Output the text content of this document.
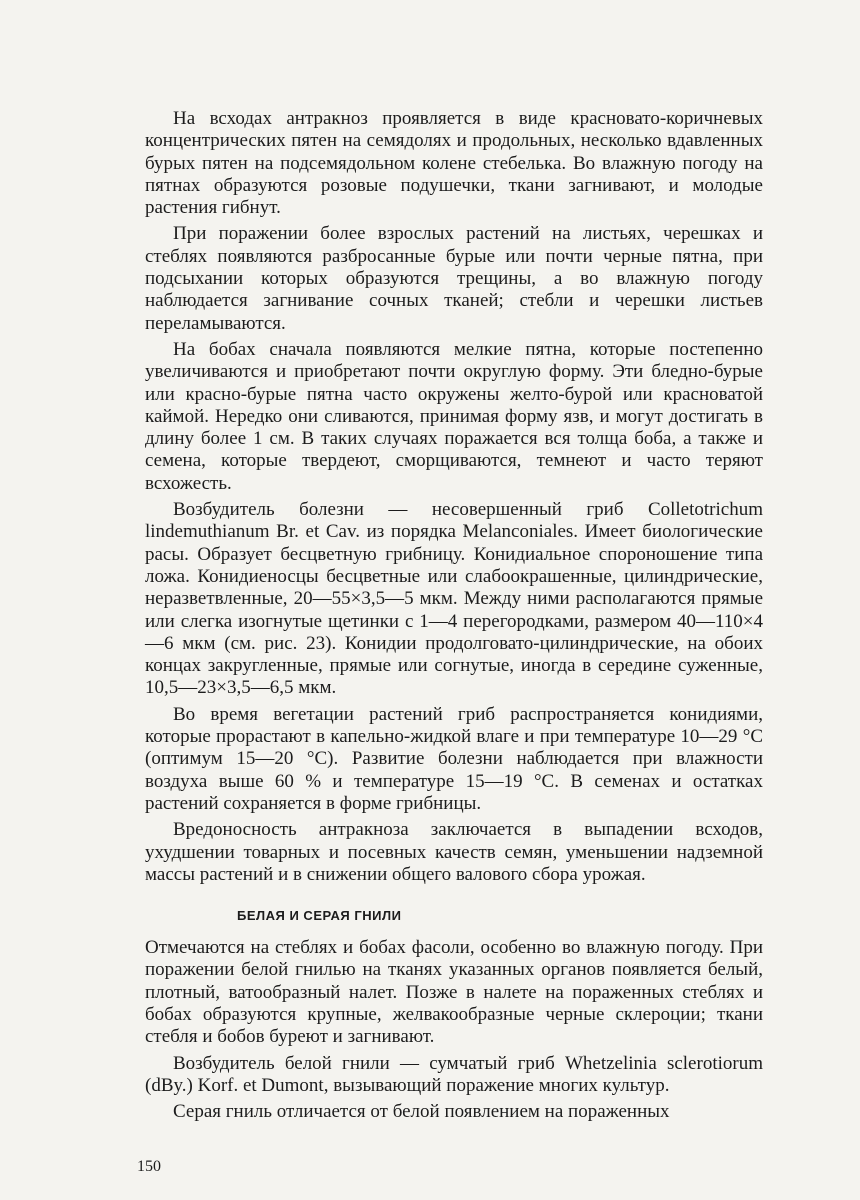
На всходах антракноз проявляется в виде красновато-коричневых концентрических пятен на семядолях и продольных, несколько вдавленных бурых пятен на подсемядольном колене стебелька. Во влажную погоду на пятнах образуются розовые подушечки, ткани загнивают, и молодые растения гибнут.

При поражении более взрослых растений на листьях, черешках и стеблях появляются разбросанные бурые или почти черные пятна, при подсыхании которых образуются трещины, а во влажную погоду наблюдается загнивание сочных тканей; стебли и черешки листьев переламываются.

На бобах сначала появляются мелкие пятна, которые постепенно увеличиваются и приобретают почти округлую форму. Эти бледно-бурые или красно-бурые пятна часто окружены желто-бурой или красноватой каймой. Нередко они сливаются, принимая форму язв, и могут достигать в длину более 1 см. В таких случаях поражается вся толща боба, а также и семена, которые твердеют, сморщиваются, темнеют и часто теряют всхожесть.

Возбудитель болезни — несовершенный гриб Colletotrichum lindemuthianum Br. et Cav. из порядка Melanconiales. Имеет биологические расы. Образует бесцветную грибницу. Конидиальное спороношение типа ложа. Конидиеносцы бесцветные или слабоокрашенные, цилиндрические, неразветвленные, 20—55×3,5—5 мкм. Между ними располагаются прямые или слегка изогнутые щетинки с 1—4 перегородками, размером 40—110×4—6 мкм (см. рис. 23). Конидии продолговато-цилиндрические, на обоих концах закругленные, прямые или согнутые, иногда в середине суженные, 10,5—23×3,5—6,5 мкм.

Во время вегетации растений гриб распространяется конидиями, которые прорастают в капельно-жидкой влаге и при температуре 10—29 °C (оптимум 15—20 °C). Развитие болезни наблюдается при влажности воздуха выше 60 % и температуре 15—19 °C. В семенах и остатках растений сохраняется в форме грибницы.

Вредоносность антракноза заключается в выпадении всходов, ухудшении товарных и посевных качеств семян, уменьшении надземной массы растений и в снижении общего валового сбора урожая.

БЕЛАЯ И СЕРАЯ ГНИЛИ

Отмечаются на стеблях и бобах фасоли, особенно во влажную погоду. При поражении белой гнилью на тканях указанных органов появляется белый, плотный, ватообразный налет. Позже в налете на пораженных стеблях и бобах образуются крупные, желвакообразные черные склероции; ткани стебля и бобов буреют и загнивают.

Возбудитель белой гнили — сумчатый гриб Whetzelinia sclerotiorum (dBy.) Korf. et Dumont, вызывающий поражение многих культур.

Серая гниль отличается от белой появлением на пораженных

150
